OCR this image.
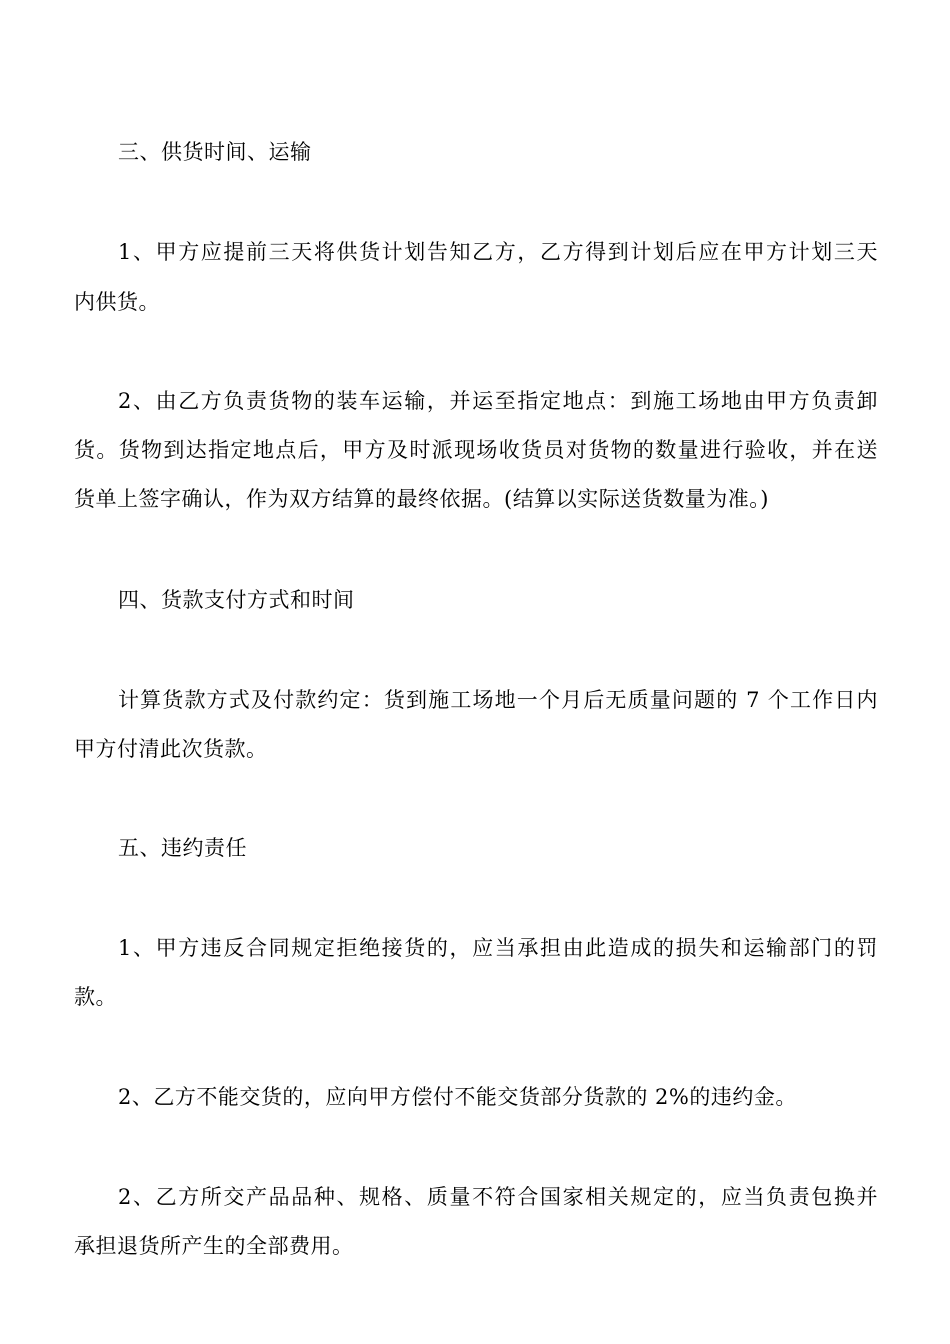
三、供货时间、运输
1、甲方应提前三天将供货计划告知乙方，乙方得到计划后应在甲方计划三天
内供货。
2、由乙方负责货物的装车运输，并运至指定地点：到施工场地由甲方负责卸
货。货物到达指定地点后，甲方及时派现场收货员对货物的数量进行验收，并在送
货单上签字确认，作为双方结算的最终依据。(结算以实际送货数量为准。)
四、货款支付方式和时间
计算货款方式及付款约定：货到施工场地一个月后无质量问题的 7 个工作日内
甲方付清此次货款。
五、违约责任
1、甲方违反合同规定拒绝接货的，应当承担由此造成的损失和运输部门的罚
款。
2、乙方不能交货的，应向甲方偿付不能交货部分货款的 2%的违约金。
2、乙方所交产品品种、规格、质量不符合国家相关规定的，应当负责包换并
承担退货所产生的全部费用。
